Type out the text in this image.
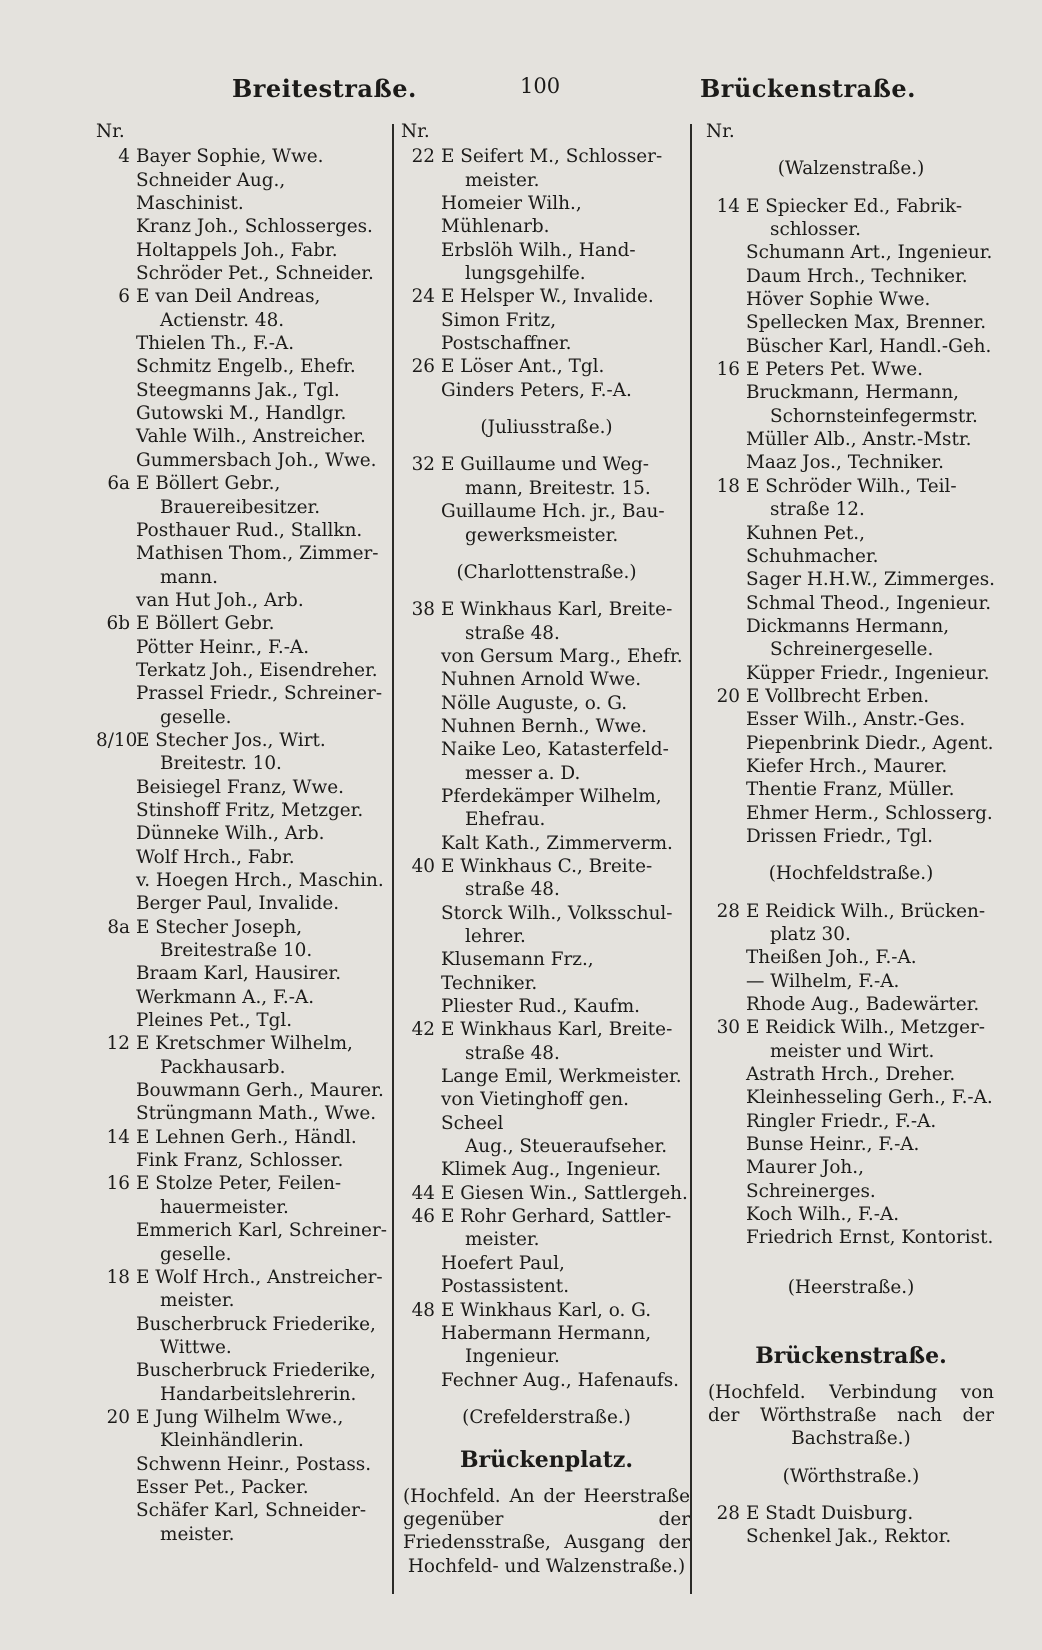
Breitestraße.	100	Brückenstraße.
Nr.
4 Bayer Sophie, Wwe.
Schneider Aug., Maschinist.
Kranz Joh., Schlosserges.
Holtappels Joh., Fabr.
Schröder Pet., Schneider.
6 E van Deil Andreas,
Actienstr. 48.
Thielen Th., F.-A.
Schmitz Engelb., Ehefr.
Steegmanns Jak., Tgl.
Gutowski M., Handlgr.
Vahle Wilh., Anstreicher.
Gummersbach Joh., Wwe.
6a E Böllert Gebr.,
Brauereibesitzer.
Posthauer Rud., Stallkn.
Mathisen Thom., Zimmer-
mann.
van Hut Joh., Arb.
6b E Böllert Gebr.
Pötter Heinr., F.-A.
Terkatz Joh., Eisendreher.
Prassel Friedr., Schreiner-
geselle.
8/10
E Stecher Jos., Wirt.
Breitestr. 10.
Beisiegel Franz, Wwe.
Stinshoff Fritz, Metzger.
Dünneke Wilh., Arb.
Wolf Hrch., Fabr.
v. Hoegen Hrch., Maschin.
Berger Paul, Invalide.
8a E Stecher Joseph,
Breitestraße 10.
Braam Karl, Hausirer.
Werkmann A., F.-A.
Pleines Pet., Tgl.
12 E Kretschmer Wilhelm,
Packhausarb.
Bouwmann Gerh., Maurer.
Strüngmann Math., Wwe.
14 E Lehnen Gerh., Händl.
Fink Franz, Schlosser.
16 E Stolze Peter, Feilen-
hauermeister.
Emmerich Karl, Schreiner-
geselle.
18 E Wolf Hrch., Anstreicher-
meister.
Buscherbruck Friederike,
Wittwe.
Buscherbruck Friederike,
Handarbeitslehrerin.
20 E Jung Wilhelm Wwe.,
Kleinhändlerin.
Schwenn Heinr., Postass.
Esser Pet., Packer.
Schäfer Karl, Schneider-
meister.
Nr.
22 E Seifert M., Schlosser-
meister.
Homeier Wilh., Mühlenarb.
Erbslöh Wilh., Hand-
lungsgehilfe.
24 E Helsper W., Invalide.
Simon Fritz, Postschaffner.
26 E Löser Ant., Tgl.
Ginders Peters, F.-A.
(Juliusstraße.)
32 E Guillaume und Weg-
mann, Breitestr. 15.
Guillaume Hch. jr., Bau-
gewerksmeister.
(Charlottenstraße.)
38 E Winkhaus Karl, Breite-
straße 48.
von Gersum Marg., Ehefr.
Nuhnen Arnold Wwe.
Nölle Auguste, o. G.
Nuhnen Bernh., Wwe.
Naike Leo, Katasterfeld-
messer a. D.
Pferdekämper Wilhelm,
Ehefrau.
Kalt Kath., Zimmerverm.
40 E Winkhaus C., Breite-
straße 48.
Storck Wilh., Volksschul-
lehrer.
Klusemann Frz., Techniker.
Pliester Rud., Kaufm.
42 E Winkhaus Karl, Breite-
straße 48.
Lange Emil, Werkmeister.
von Vietinghoff gen. Scheel
Aug., Steueraufseher.
Klimek Aug., Ingenieur.
44 E Giesen Win., Sattlergeh.
46 E Rohr Gerhard, Sattler-
meister.
Hoefert Paul, Postassistent.
48 E Winkhaus Karl, o. G.
Habermann Hermann,
Ingenieur.
Fechner Aug., Hafenaufs.
(Crefelderstraße.)
Brückenplatz.
(Hochfeld. An der Heerstraße gegenüber der Friedensstraße, Ausgang der Hochfeld- und Walzenstraße.)
Nr.
(Walzenstraße.)
14 E Spiecker Ed., Fabrik-
schlosser.
Schumann Art., Ingenieur.
Daum Hrch., Techniker.
Höver Sophie Wwe.
Spellecken Max, Brenner.
Büscher Karl, Handl.-Geh.
16 E Peters Pet. Wwe.
Bruckmann, Hermann,
Schornsteinfegermstr.
Müller Alb., Anstr.-Mstr.
Maaz Jos., Techniker.
18 E Schröder Wilh., Teil-
straße 12.
Kuhnen Pet., Schuhmacher.
Sager H.H.W., Zimmerges.
Schmal Theod., Ingenieur.
Dickmanns Hermann,
Schreinergeselle.
Küpper Friedr., Ingenieur.
20 E Vollbrecht Erben.
Esser Wilh., Anstr.-Ges.
Piepenbrink Diedr., Agent.
Kiefer Hrch., Maurer.
Thentie Franz, Müller.
Ehmer Herm., Schlosserg.
Drissen Friedr., Tgl.
(Hochfeldstraße.)
28 E Reidick Wilh., Brücken-
platz 30.
Theißen Joh., F.-A.
— Wilhelm, F.-A.
Rhode Aug., Badewärter.
30 E Reidick Wilh., Metzger-
meister und Wirt.
Astrath Hrch., Dreher.
Kleinhesseling Gerh., F.-A.
Ringler Friedr., F.-A.
Bunse Heinr., F.-A.
Maurer Joh., Schreinerges.
Koch Wilh., F.-A.
Friedrich Ernst, Kontorist.
(Heerstraße.)
Brückenstraße.
(Hochfeld. Verbindung von der Wörthstraße nach der Bachstraße.)
(Wörthstraße.)
28 E Stadt Duisburg.
Schenkel Jak., Rektor.
